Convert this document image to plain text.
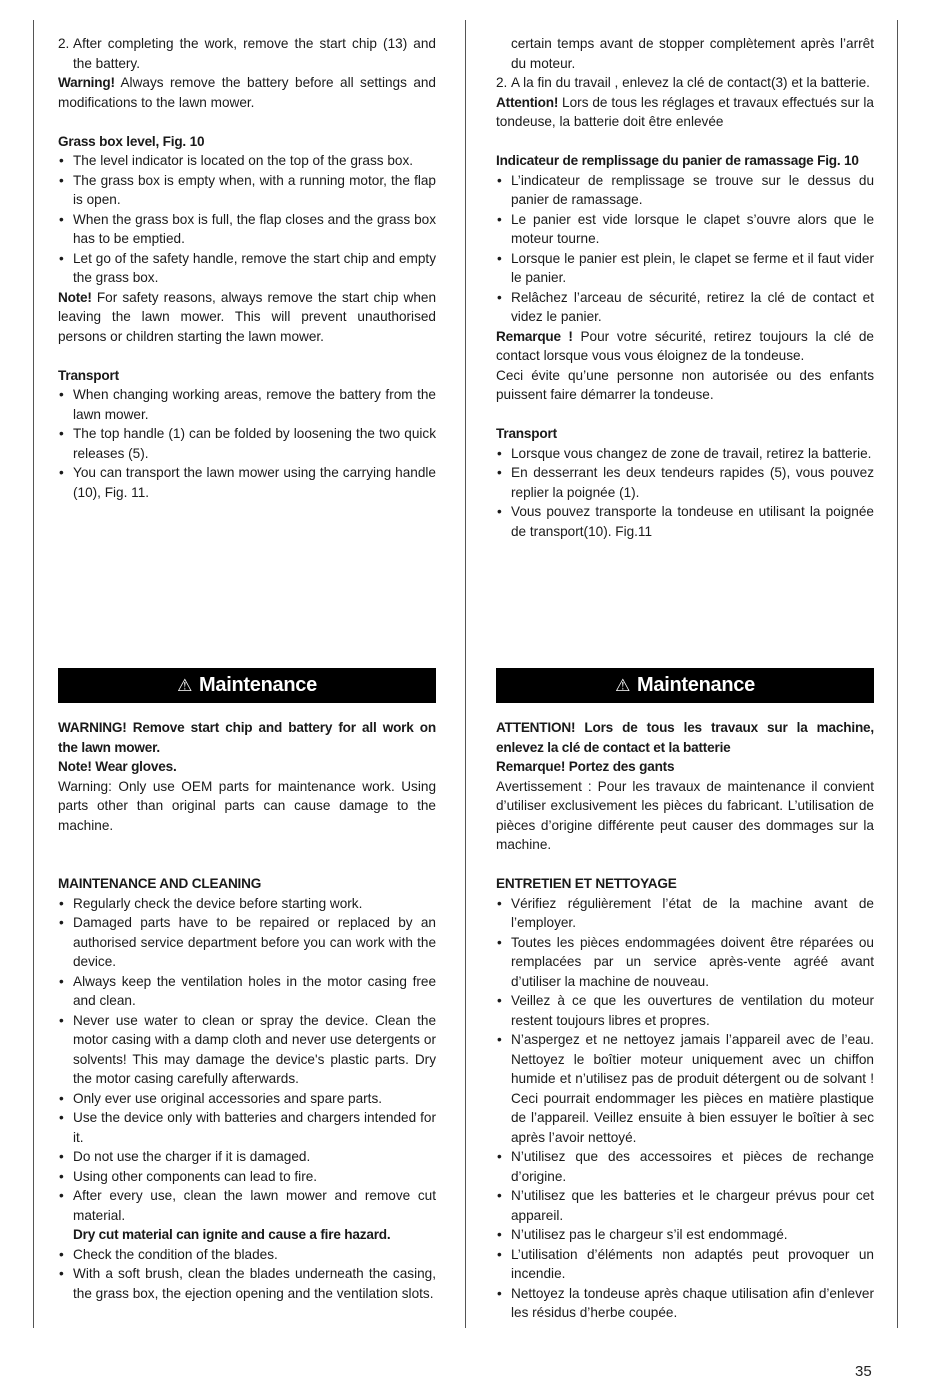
2. After completing the work, remove the start chip (13) and the battery.

Warning! Always remove the battery before all settings and modifications to the lawn mower.

Grass box level, Fig. 10

• The level indicator is located on the top of the grass box.
• The grass box is empty when, with a running motor, the flap is open.
• When the grass box is full, the flap closes and the grass box has to be emptied.
• Let go of the safety handle, remove the start chip and empty the grass box.

Note! For safety reasons, always remove the start chip when leaving the lawn mower. This will prevent unauthorised persons or children starting the lawn mower.

Transport

• When changing working areas, remove the battery from the lawn mower.
• The top handle (1) can be folded by loosening the two quick releases (5).
• You can transport the lawn mower using the carrying handle (10), Fig. 11.
certain temps avant de stopper complètement après l’arrêt du moteur.
2. A la fin du travail , enlevez la clé de contact(3) et la batterie.

Attention! Lors de tous les réglages et travaux effectués sur la tondeuse, la batterie doit être enlevée

Indicateur de remplissage du panier de ramassage Fig. 10

• L’indicateur de remplissage se trouve sur le dessus du panier de ramassage.
• Le panier est vide lorsque le clapet s’ouvre alors que le moteur tourne.
• Lorsque le panier est plein, le clapet se ferme et il faut vider le panier.
• Relâchez l’arceau de sécurité, retirez la clé de contact et videz le panier.

Remarque ! Pour votre sécurité, retirez toujours la clé de contact lorsque vous vous éloignez de la tondeuse.

Ceci évite qu’une personne non autorisée ou des enfants puissent faire démarrer la tondeuse.

Transport

• Lorsque vous changez de zone de travail, retirez la batterie.
• En desserrant les deux tendeurs rapides (5), vous pouvez replier la poignée (1).
• Vous pouvez transporte la tondeuse en utilisant la poignée de transport(10). Fig.11
⚠ Maintenance

WARNING! Remove start chip and battery for all work on the lawn mower.

Note! Wear gloves.

Warning: Only use OEM parts for maintenance work. Using parts other than original parts can cause damage to the machine.

MAINTENANCE AND CLEANING

• Regularly check the device before starting work.
• Damaged parts have to be repaired or replaced by an authorised service department before you can work with the device.
• Always keep the ventilation holes in the motor casing free and clean.
• Never use water to clean or spray the device. Clean the motor casing with a damp cloth and never use detergents or solvents! This may damage the device's plastic parts. Dry the motor casing carefully afterwards.
• Only ever use original accessories and spare parts.
• Use the device only with batteries and chargers intended for it.
• Do not use the charger if it is damaged.
• Using other components can lead to fire.
• After every use, clean the lawn mower and remove cut material.
Dry cut material can ignite and cause a fire hazard.
• Check the condition of the blades.
• With a soft brush, clean the blades underneath the casing, the grass box, the ejection opening and the ventilation slots.
⚠ Maintenance

ATTENTION! Lors de tous les travaux sur la machine, enlevez la clé de contact et la batterie

Remarque! Portez des gants

Avertissement : Pour les travaux de maintenance il convient d’utiliser exclusivement les pièces du fabricant. L’utilisation de pièces d’origine différente peut causer des dommages sur la machine.

ENTRETIEN ET NETTOYAGE

• Vérifiez régulièrement l’état de la machine avant de l’employer.
• Toutes les pièces endommagées doivent être réparées ou remplacées par un service après-vente agréé avant d’utiliser la machine de nouveau.
• Veillez à ce que les ouvertures de ventilation du moteur restent toujours libres et propres.
• N’aspergez et ne nettoyez jamais l’appareil avec de l’eau. Nettoyez le boîtier moteur uniquement avec un chiffon humide et n’utilisez pas de produit détergent ou de solvant ! Ceci pourrait endommager les pièces en matière plastique de l’appareil. Veillez ensuite à bien essuyer le boîtier à sec après l’avoir nettoyé.
• N’utilisez que des accessoires et pièces de rechange d’origine.
• N’utilisez que les batteries et le chargeur prévus pour cet appareil.
• N’utilisez pas le chargeur s’il est endommagé.
• L’utilisation d’éléments non adaptés peut provoquer un incendie.
• Nettoyez la tondeuse après chaque utilisation afin d’enlever les résidus d’herbe coupée.
35
